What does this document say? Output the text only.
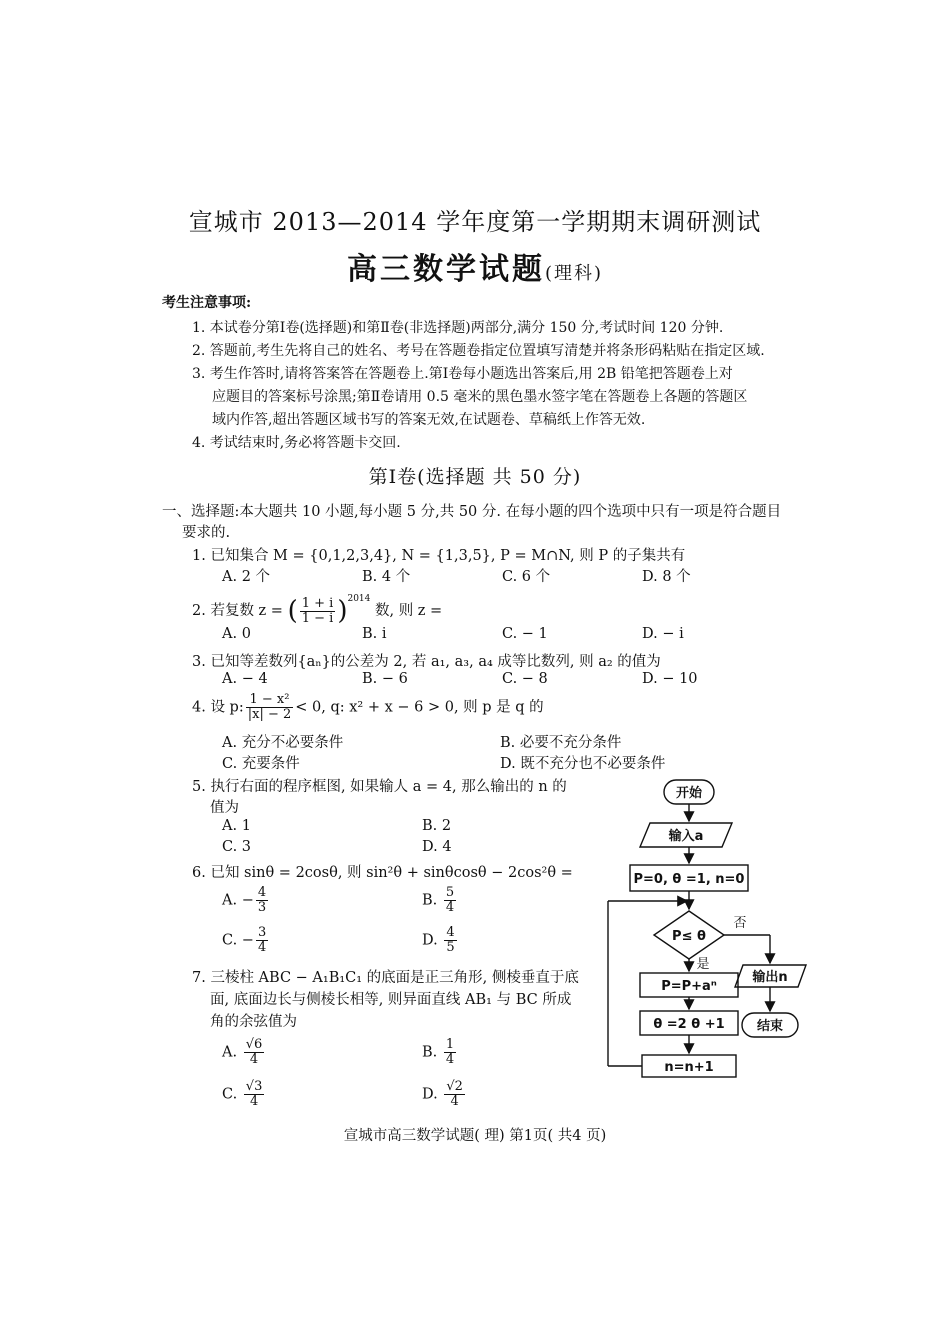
宣城市 2013—2014 学年度第一学期期末调研测试
高三数学试题(理科)
考生注意事项:
1. 本试卷分第Ⅰ卷(选择题)和第Ⅱ卷(非选择题)两部分,满分 150 分,考试时间 120 分钟.
2. 答题前,考生先将自己的姓名、考号在答题卷指定位置填写清楚并将条形码粘贴在指定区域.
3. 考生作答时,请将答案答在答题卷上.第Ⅰ卷每小题选出答案后,用 2B 铅笔把答题卷上对
应题目的答案标号涂黑;第Ⅱ卷请用 0.5 毫米的黑色墨水签字笔在答题卷上各题的答题区
域内作答,超出答题区域书写的答案无效,在试题卷、草稿纸上作答无效.
4. 考试结束时,务必将答题卡交回.
第Ⅰ卷(选择题 共 50 分)
一、选择题:本大题共 10 小题,每小题 5 分,共 50 分. 在每小题的四个选项中只有一项是符合题目
要求的.
1. 已知集合 M = {0,1,2,3,4}, N = {1,3,5}, P = M∩N, 则 P 的子集共有
A. 2 个	B. 4 个	C. 6 个	D. 8 个
2. 若复数 z = ( $\frac{1 + i}{1 - i} )^{2014}$ 数, 则 z =
A. 0	B. i	C. − 1	D. − i
3. 已知等差数列{aₙ}的公差为 2, 若 a₁, a₃, a₄ 成等比数列, 则 a₂ 的值为
A. − 4	B. − 6	C. − 8	D. − 10
4. 设 p: $\frac{\text{1 − x²}}{|x| - 2} < 0$, q: x² + x − 6 > 0, 则 p 是 q 的
A. 充分不必要条件	B. 必要不充分条件
C. 充要条件	D. 既不充分也不必要条件
5. 执行右面的程序框图, 如果输人 a = 4, 那么输出的 n 的
值为
A. 1	B. 2
C. 3	D. 4
6. 已知 sinθ = 2cosθ, 则 sin²θ + sinθcosθ − 2cos²θ =
A. − $\frac{4}{3}$	B. $\frac{5}{4}$
C. − $\frac{3}{4}$	D. $\frac{4}{5}$
7. 三棱柱 ABC − A₁B₁C₁ 的底面是正三角形, 侧棱垂直于底
面, 底面边长与侧棱长相等, 则异面直线 AB₁ 与 BC 所成
角的余弦值为
A. $\frac{√6}{4}$	B. $\frac{1}{4}$
C. $\frac{√3}{4}$	D. $\frac{√2}{4}$
开始
输入a
P=0, θ =1, n=0
P≤ θ
否
是
P=P+aⁿ
θ =2 θ +1
n=n+1
输出n
结束
宣城市高三数学试题( 理) 第1页( 共4 页)
